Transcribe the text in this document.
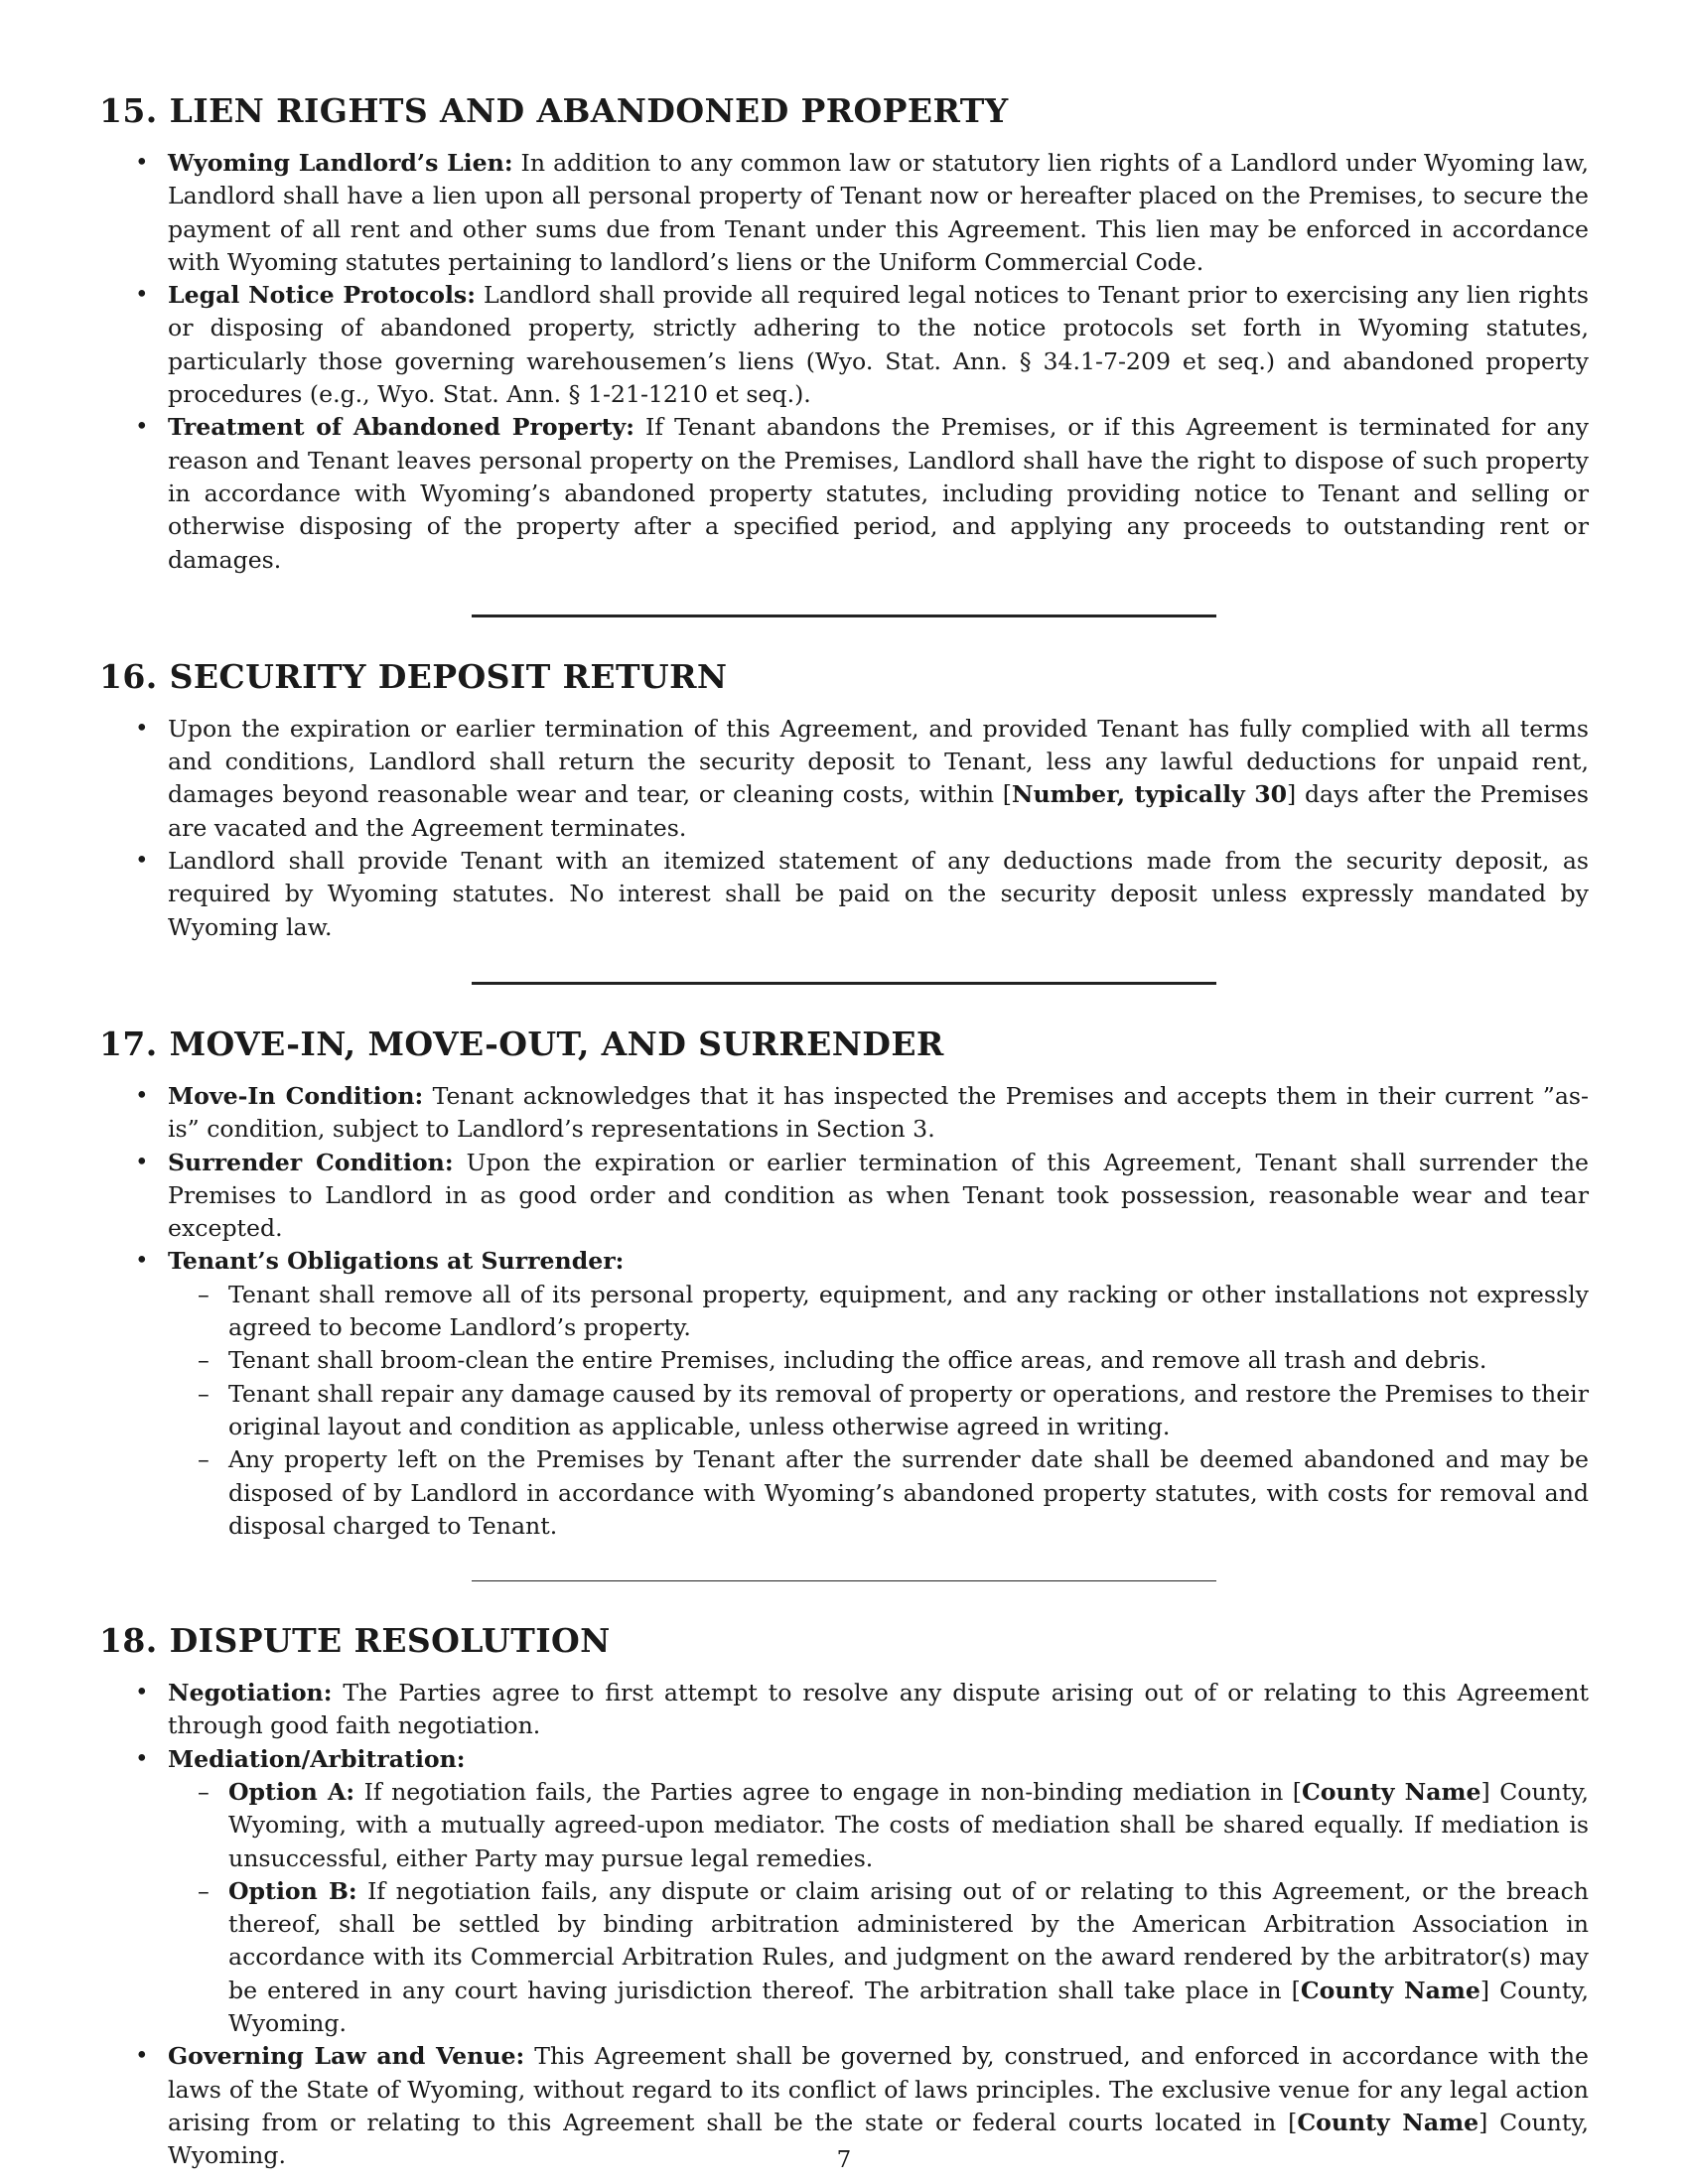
15. LIEN RIGHTS AND ABANDONED PROPERTY
• Wyoming Landlord’s Lien: In addition to any common law or statutory lien rights of a Landlord under Wyoming law, Landlord shall have a lien upon all personal property of Tenant now or hereafter placed on the Premises, to secure the payment of all rent and other sums due from Tenant under this Agreement. This lien may be enforced in accordance with Wyoming statutes pertaining to landlord’s liens or the Uniform Commercial Code.
• Legal Notice Protocols: Landlord shall provide all required legal notices to Tenant prior to exercising any lien rights or disposing of abandoned property, strictly adhering to the notice protocols set forth in Wyoming statutes, particularly those governing warehousemen’s liens (Wyo. Stat. Ann. § 34.1-7-209 et seq.) and abandoned property procedures (e.g., Wyo. Stat. Ann. § 1-21-1210 et seq.).
• Treatment of Abandoned Property: If Tenant abandons the Premises, or if this Agreement is terminated for any reason and Tenant leaves personal property on the Premises, Landlord shall have the right to dispose of such property in accordance with Wyoming’s abandoned property statutes, including providing notice to Tenant and selling or otherwise disposing of the property after a specified period, and applying any proceeds to outstanding rent or damages.
16. SECURITY DEPOSIT RETURN
• Upon the expiration or earlier termination of this Agreement, and provided Tenant has fully complied with all terms and conditions, Landlord shall return the security deposit to Tenant, less any lawful deductions for unpaid rent, damages beyond reasonable wear and tear, or cleaning costs, within [Number, typically 30] days after the Premises are vacated and the Agreement terminates.
• Landlord shall provide Tenant with an itemized statement of any deductions made from the security deposit, as required by Wyoming statutes. No interest shall be paid on the security deposit unless expressly mandated by Wyoming law.
17. MOVE-IN, MOVE-OUT, AND SURRENDER
• Move-In Condition: Tenant acknowledges that it has inspected the Premises and accepts them in their current ”as-is” condition, subject to Landlord’s representations in Section 3.
• Surrender Condition: Upon the expiration or earlier termination of this Agreement, Tenant shall surrender the Premises to Landlord in as good order and condition as when Tenant took possession, reasonable wear and tear excepted.
• Tenant’s Obligations at Surrender:
– Tenant shall remove all of its personal property, equipment, and any racking or other installations not expressly agreed to become Landlord’s property.
– Tenant shall broom-clean the entire Premises, including the office areas, and remove all trash and debris.
– Tenant shall repair any damage caused by its removal of property or operations, and restore the Premises to their original layout and condition as applicable, unless otherwise agreed in writing.
– Any property left on the Premises by Tenant after the surrender date shall be deemed abandoned and may be disposed of by Landlord in accordance with Wyoming’s abandoned property statutes, with costs for removal and disposal charged to Tenant.
18. DISPUTE RESOLUTION
• Negotiation: The Parties agree to first attempt to resolve any dispute arising out of or relating to this Agreement through good faith negotiation.
• Mediation/Arbitration:
– Option A: If negotiation fails, the Parties agree to engage in non-binding mediation in [County Name] County, Wyoming, with a mutually agreed-upon mediator. The costs of mediation shall be shared equally. If mediation is unsuccessful, either Party may pursue legal remedies.
– Option B: If negotiation fails, any dispute or claim arising out of or relating to this Agreement, or the breach thereof, shall be settled by binding arbitration administered by the American Arbitration Association in accordance with its Commercial Arbitration Rules, and judgment on the award rendered by the arbitrator(s) may be entered in any court having jurisdiction thereof. The arbitration shall take place in [County Name] County, Wyoming.
• Governing Law and Venue: This Agreement shall be governed by, construed, and enforced in accordance with the laws of the State of Wyoming, without regard to its conflict of laws principles. The exclusive venue for any legal action arising from or relating to this Agreement shall be the state or federal courts located in [County Name] County, Wyoming.	7
